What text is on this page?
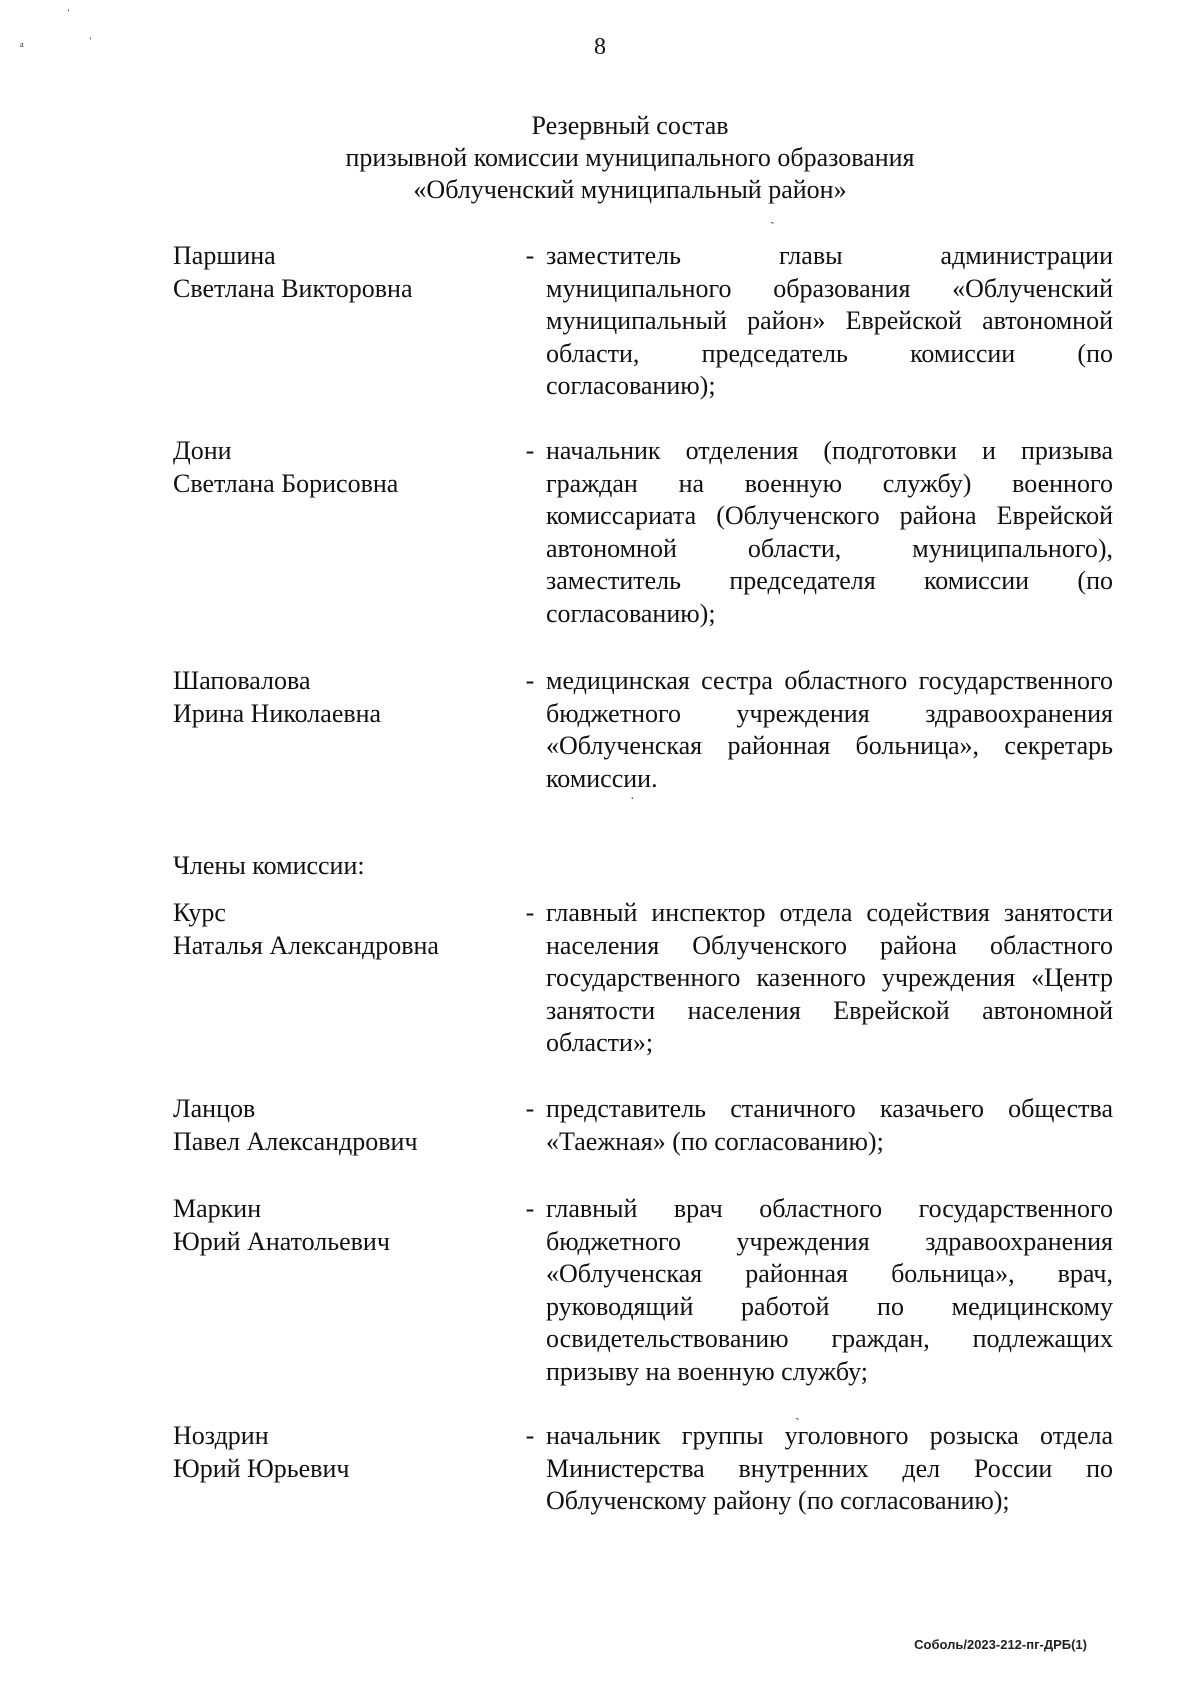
ˈ
ᵃ	ˈ
ˏ
·
ˎ
8
Резервный состав
призывной комиссии муниципального образования
«Облученский муниципальный район»
Паршина
Светлана Викторовна
- заместитель главы администрации муниципального образования «Облученский муниципальный район» Еврейской автономной области, председатель комиссии (по согласованию);
Дони
Светлана Борисовна
- начальник отделения (подготовки и призыва граждан на военную службу) военного комиссариата (Облученского района Еврейской автономной области, муниципального), заместитель председателя комиссии (по согласованию);
Шаповалова
Ирина Николаевна
- медицинская сестра областного государственного бюджетного учреждения здравоохранения «Облученская районная больница», секретарь комиссии.
Члены комиссии:
Курс
Наталья Александровна
- главный инспектор отдела содействия занятости населения Облученского района областного государственного казенного учреждения «Центр занятости населения Еврейской автономной области»;
Ланцов
Павел Александрович
- представитель станичного казачьего общества «Таежная» (по согласованию);
Маркин
Юрий Анатольевич
- главный врач областного государственного бюджетного учреждения здравоохранения «Облученская районная больница», врач, руководящий работой по медицинскому освидетельствованию граждан, подлежащих призыву на военную службу;
Ноздрин
Юрий Юрьевич
- начальник группы уголовного розыска отдела Министерства внутренних дел России по Облученскому району (по согласованию);
Соболь/2023-212-пг-ДРБ(1)
